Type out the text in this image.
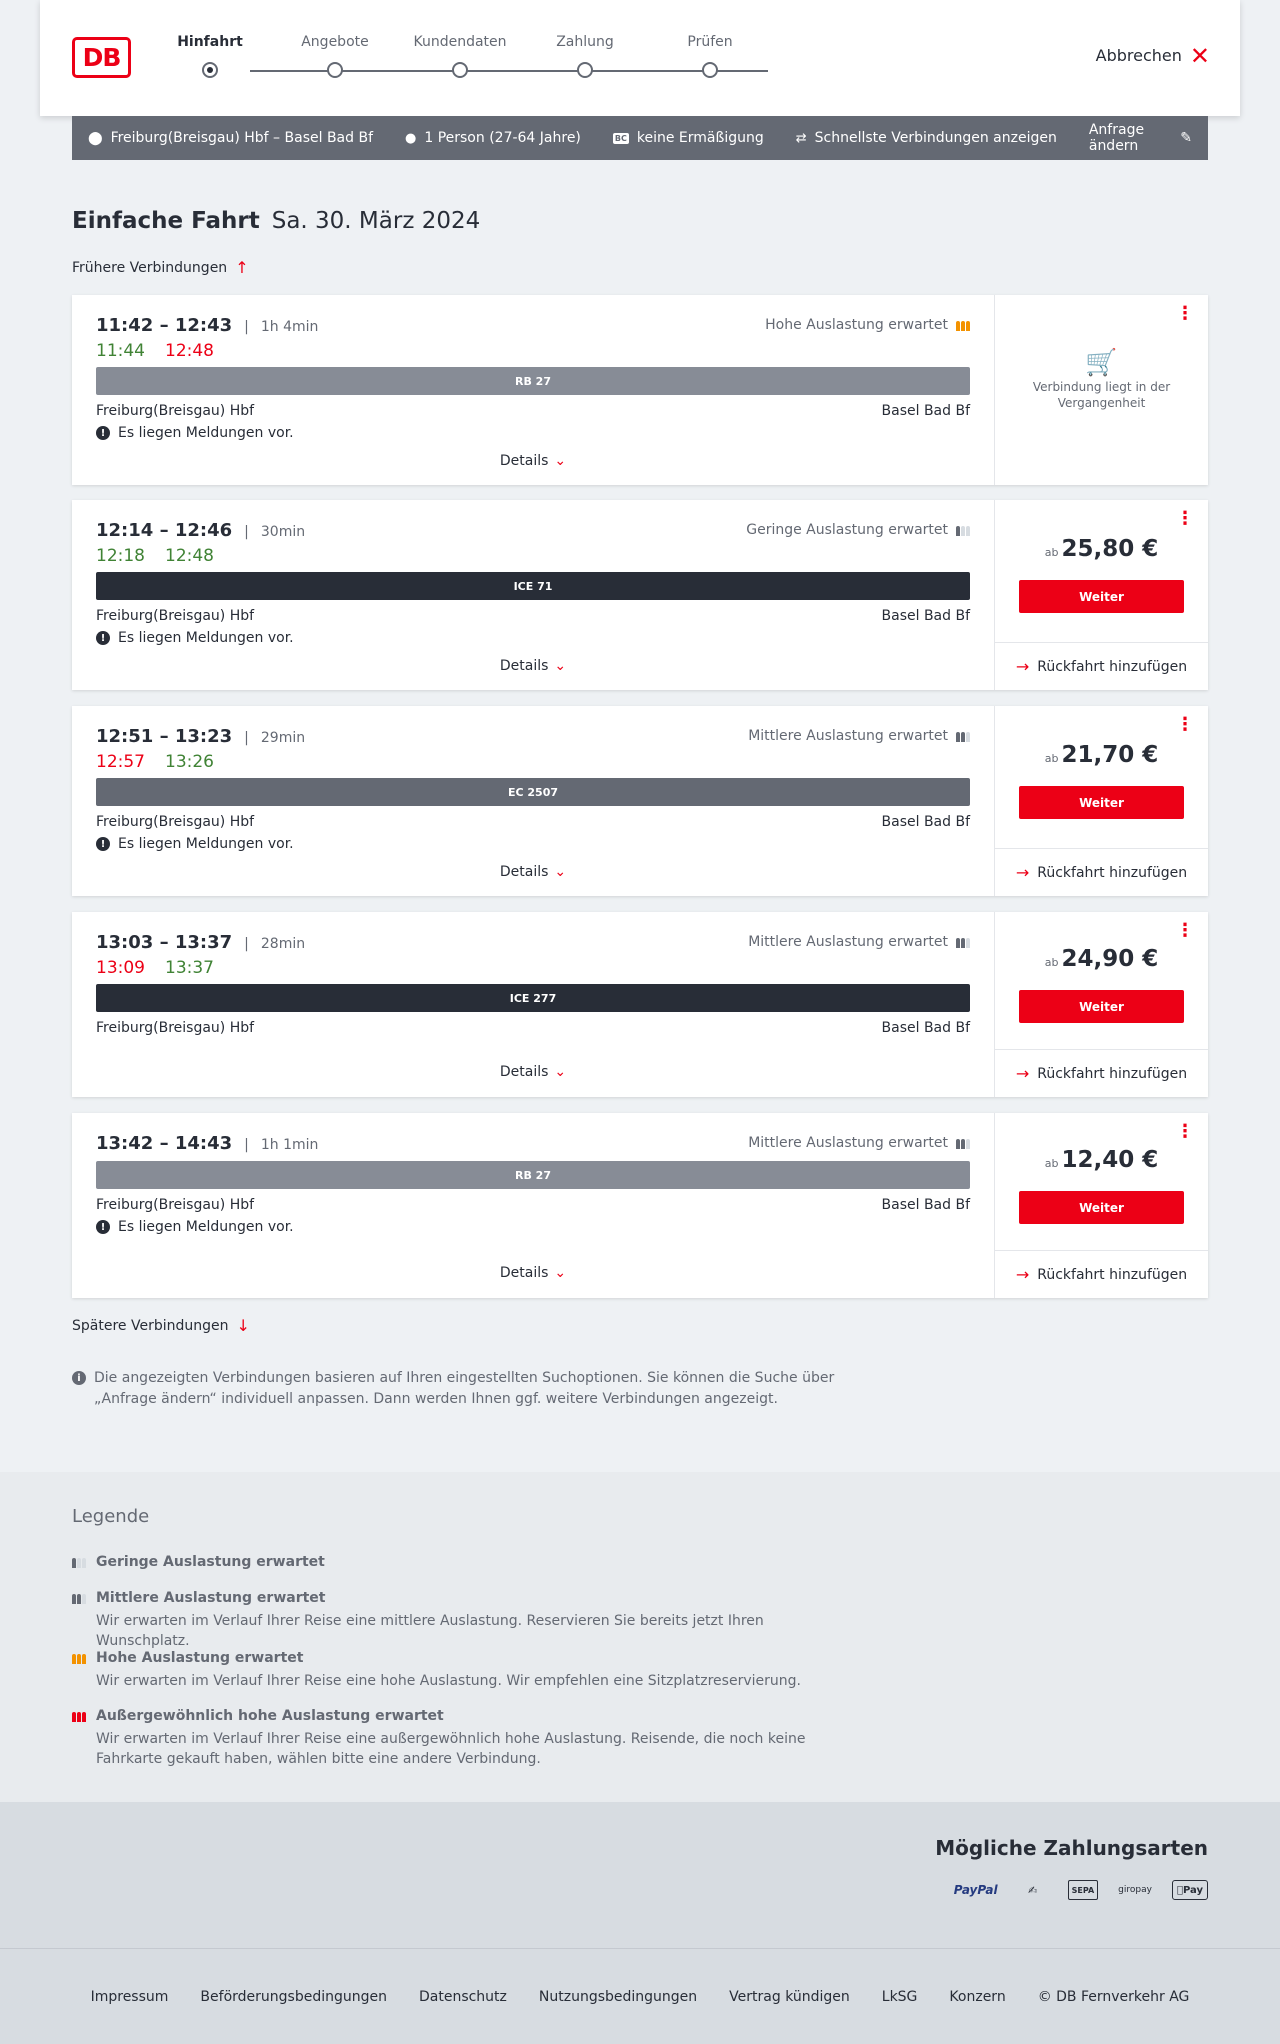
DB
Hinfahrt	Angebote	Kundendaten	Zahlung	Prüfen
Abbrechen ✕
⬤ Freiburg(Breisgau) Hbf – Basel Bad Bf ● 1 Person (27-64 Jahre)	BC keine Ermäßigung ⇄ Schnellste Verbindungen anzeigen Anfrage ändern	✎
Einfache Fahrt Sa. 30. März 2024
Frühere Verbindungen ↑
11:42
–
12:43 | 1h 4min
11:44 12:48
Hohe Auslastung erwartet
RB 27
Freiburg(Breisgau) Hbf	Basel Bad Bf
! Es liegen Meldungen vor.
Details ⌄
⋮
🛒
Verbindung liegt in der Vergangenheit
12:14
–
12:46 | 30min
12:18 12:48
Geringe Auslastung erwartet
ICE 71
Freiburg(Breisgau) Hbf	Basel Bad Bf
! Es liegen Meldungen vor.
Details ⌄
⋮
ab 25,80 €
Weiter
→ Rückfahrt hinzufügen
12:51
–
13:23 | 29min
12:57 13:26
Mittlere Auslastung erwartet
EC 2507
Freiburg(Breisgau) Hbf	Basel Bad Bf
! Es liegen Meldungen vor.
Details ⌄
⋮
ab 21,70 €
Weiter
→ Rückfahrt hinzufügen
13:03
–
13:37 | 28min
13:09 13:37
Mittlere Auslastung erwartet
ICE 277
Freiburg(Breisgau) Hbf	Basel Bad Bf
Details ⌄
⋮
ab 24,90 €
Weiter
→ Rückfahrt hinzufügen
13:42
–
14:43 | 1h 1min	Mittlere Auslastung erwartet
RB 27
Freiburg(Breisgau) Hbf	Basel Bad Bf
! Es liegen Meldungen vor.
Details ⌄
⋮
ab 12,40 €
Weiter
→ Rückfahrt hinzufügen
Spätere Verbindungen ↓
i Die angezeigten Verbindungen basieren auf Ihren eingestellten Suchoptionen. Sie können die Suche über „Anfrage ändern“ individuell anpassen. Dann werden Ihnen ggf. weitere Verbindungen angezeigt.
Legende
Geringe Auslastung erwartet
Mittlere Auslastung erwartet
Wir erwarten im Verlauf Ihrer Reise eine mittlere Auslastung. Reservieren Sie bereits jetzt Ihren Wunschplatz.
Hohe Auslastung erwartet
Wir erwarten im Verlauf Ihrer Reise eine hohe Auslastung. Wir empfehlen eine Sitzplatzreservierung.
Außergewöhnlich hohe Auslastung erwartet
Wir erwarten im Verlauf Ihrer Reise eine außergewöhnlich hohe Auslastung. Reisende, die noch keine Fahrkarte gekauft haben, wählen bitte eine andere Verbindung.
Mögliche Zahlungsarten
PayPal	✍	SEPA	giropay	Pay
Impressum Beförderungsbedingungen Datenschutz Nutzungsbedingungen Vertrag kündigen LkSG Konzern © DB Fernverkehr AG
